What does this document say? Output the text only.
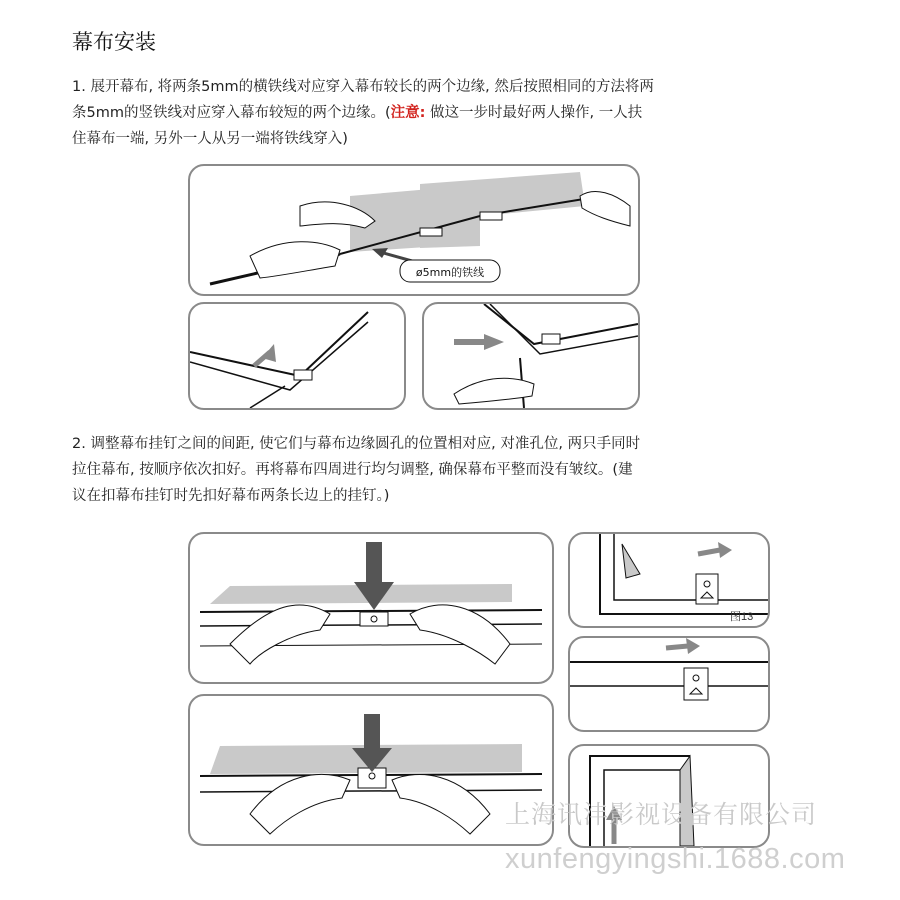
幕布安装
1. 展开幕布, 将两条5mm的横铁线对应穿入幕布较长的两个边缘, 然后按照相同的方法将两
条5mm的竖铁线对应穿入幕布较短的两个边缘。(注意: 做这一步时最好两人操作, 一人扶
住幕布一端, 另外一人从另一端将铁线穿入)
ø5mm的铁线
2. 调整幕布挂钉之间的间距, 使它们与幕布边缘圆孔的位置相对应, 对准孔位, 两只手同时
拉住幕布, 按顺序依次扣好。再将幕布四周进行均匀调整, 确保幕布平整而没有皱纹。(建
议在扣幕布挂钉时先扣好幕布两条长边上的挂钉。)
图13
上海讯沣影视设备有限公司
xunfengyingshi.1688.com
